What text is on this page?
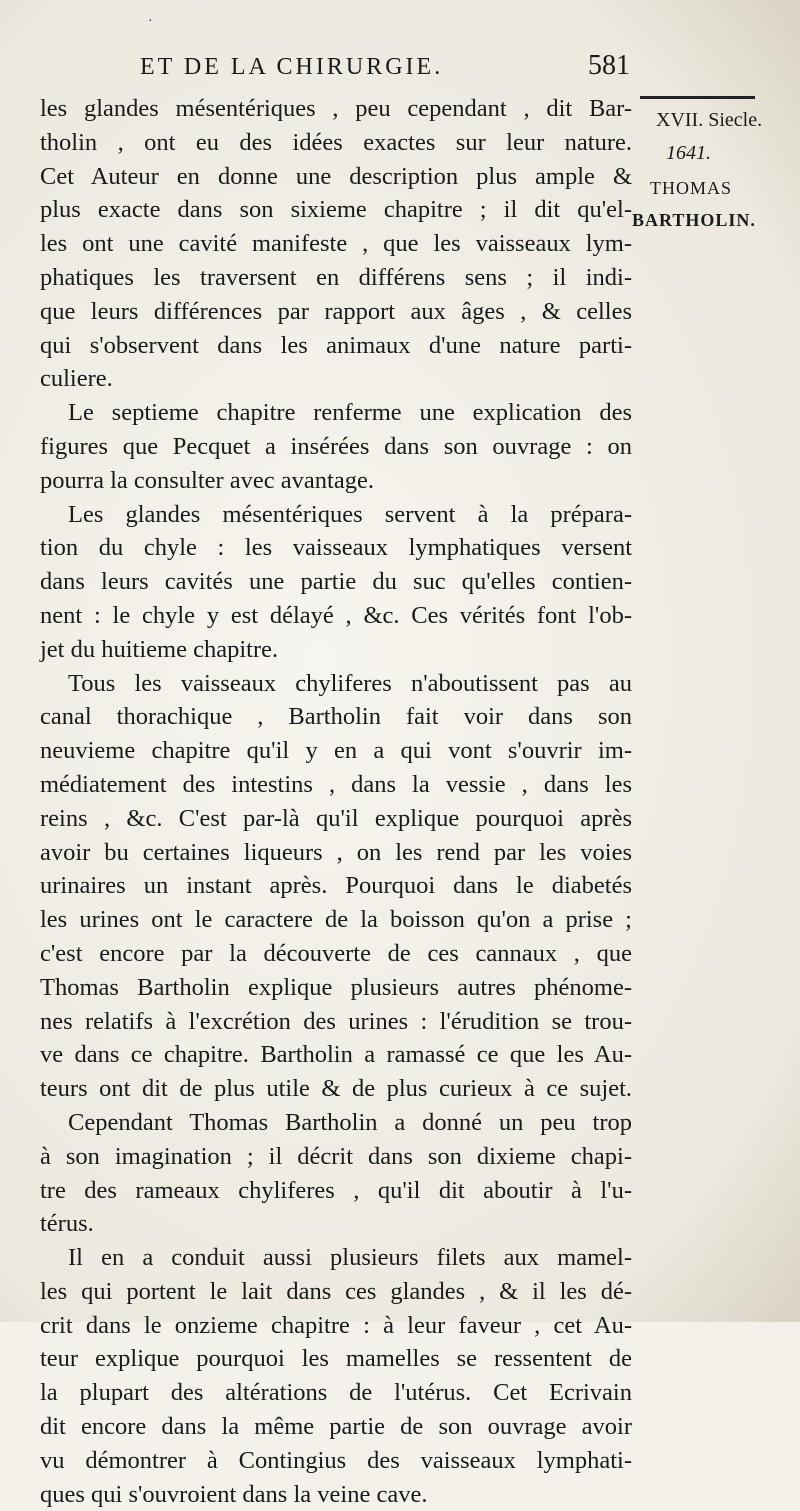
·
ET DE LA CHIRURGIE.	581
les glandes mésentériques , peu cependant , dit Bar-
tholin , ont eu des idées exactes sur leur nature.
Cet Auteur en donne une description plus ample &
plus exacte dans son sixieme chapitre ; il dit qu'el-
les ont une cavité manifeste , que les vaisseaux lym-
phatiques les traversent en différens sens ; il indi-
que leurs différences par rapport aux âges , & celles
qui s'observent dans les animaux d'une nature parti-
culiere.
Le septieme chapitre renferme une explication des
figures que Pecquet a insérées dans son ouvrage : on
pourra la consulter avec avantage.
Les glandes mésentériques servent à la prépara-
tion du chyle : les vaisseaux lymphatiques versent
dans leurs cavités une partie du suc qu'elles contien-
nent : le chyle y est délayé , &c. Ces vérités font l'ob-
jet du huitieme chapitre.
Tous les vaisseaux chyliferes n'aboutissent pas au
canal thorachique , Bartholin fait voir dans son
neuvieme chapitre qu'il y en a qui vont s'ouvrir im-
médiatement des intestins , dans la vessie , dans les
reins , &c. C'est par-là qu'il explique pourquoi après
avoir bu certaines liqueurs , on les rend par les voies
urinaires un instant après. Pourquoi dans le diabetés
les urines ont le caractere de la boisson qu'on a prise ;
c'est encore par la découverte de ces cannaux , que
Thomas Bartholin explique plusieurs autres phénome-
nes relatifs à l'excrétion des urines : l'érudition se trou-
ve dans ce chapitre. Bartholin a ramassé ce que les Au-
teurs ont dit de plus utile & de plus curieux à ce sujet.
Cependant Thomas Bartholin a donné un peu trop
à son imagination ; il décrit dans son dixieme chapi-
tre des rameaux chyliferes , qu'il dit aboutir à l'u-
térus.
Il en a conduit aussi plusieurs filets aux mamel-
les qui portent le lait dans ces glandes , & il les dé-
crit dans le onzieme chapitre : à leur faveur , cet Au-
teur explique pourquoi les mamelles se ressentent de
la plupart des altérations de l'utérus. Cet Ecrivain
dit encore dans la même partie de son ouvrage avoir
vu démontrer à Contingius des vaisseaux lymphati-
ques qui s'ouvroient dans la veine cave.
XVII. Siecle.
1641.
THOMAS
BARTHOLIN.
